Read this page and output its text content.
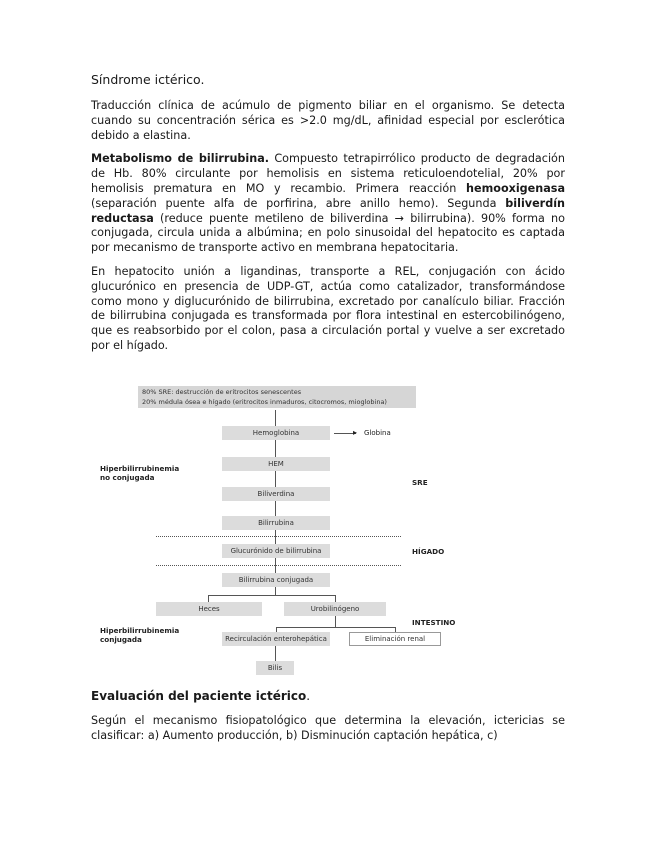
Síndrome ictérico.

Traducción clínica de acúmulo de pigmento biliar en el organismo. Se detecta cuando su concentración sérica es >2.0 mg/dL, afinidad especial por esclerótica debido a elastina.

Metabolismo de bilirrubina. Compuesto tetrapirrólico producto de degradación de Hb. 80% circulante por hemolisis en sistema reticuloendotelial, 20% por hemolisis prematura en MO y recambio. Primera reacción hemooxigenasa (separación puente alfa de porfirina, abre anillo hemo). Segunda biliverdín reductasa (reduce puente metileno de biliverdina → bilirrubina). 90% forma no conjugada, circula unida a albúmina; en polo sinusoidal del hepatocito es captada por mecanismo de transporte activo en membrana hepatocitaria.

En hepatocito unión a ligandinas, transporte a REL, conjugación con ácido glucurónico en presencia de UDP-GT, actúa como catalizador, transformándose como mono y diglucurónido de bilirrubina, excretado por canalículo biliar. Fracción de bilirrubina conjugada es transformada por flora intestinal en estercobilinógeno, que es reabsorbido por el colon, pasa a circulación portal y vuelve a ser excretado por el hígado.

80% SRE: destrucción de eritrocitos senescentes
20% médula ósea e hígado (eritrocitos inmaduros, citocromos, mioglobina)
Hemoglobina	▸ Globina
HEM
Biliverdina
Bilirrubina
Hiperbilirrubinemia
no conjugada
SRE
Glucurónido de bilirrubina	HÍGADO
Bilirrubina conjugada
Heces	Urobilinógeno
INTESTINO
Hiperbilirrubinemia
conjugada	Recirculación enterohepática	Eliminación renal
Bilis
Evaluación del paciente ictérico.

Según el mecanismo fisiopatológico que determina la elevación, ictericias se clasificar: a) Aumento producción, b) Disminución captación hepática, c)
